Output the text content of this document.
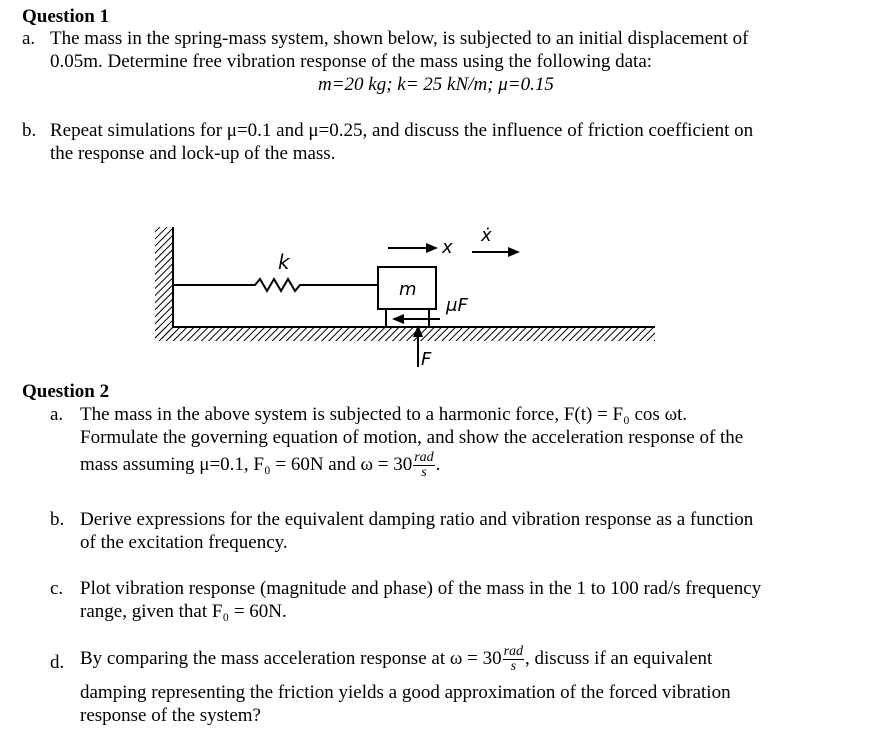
Question 1
a. The mass in the spring-mass system, shown below, is subjected to an initial displacement of
0.05m. Determine free vibration response of the mass using the following data:
m=20 kg; k= 25 kN/m; μ=0.15
b. Repeat simulations for μ=0.1 and μ=0.25, and discuss the influence of friction coefficient on
the response and lock-up of the mass.
k
m
x
ẋ
μF
F
Question 2
a. The mass in the above system is subjected to a harmonic force, F(t) = F₀ cos ωt.
Formulate the governing equation of motion, and show the acceleration response of the
mass assuming μ=0.1, F₀ = 60N and $\omega = 30 \frac{\text{rad}}{s}$ .
b. Derive expressions for the equivalent damping ratio and vibration response as a function
of the excitation frequency.
c. Plot vibration response (magnitude and phase) of the mass in the 1 to 100 rad/s frequency
range, given that F₀ = 60N.
d. By comparing the mass acceleration response at $\omega = 30 \frac{\text{rad}}{s}$ , discuss if an equivalent
damping representing the friction yields a good approximation of the forced vibration
response of the system?
